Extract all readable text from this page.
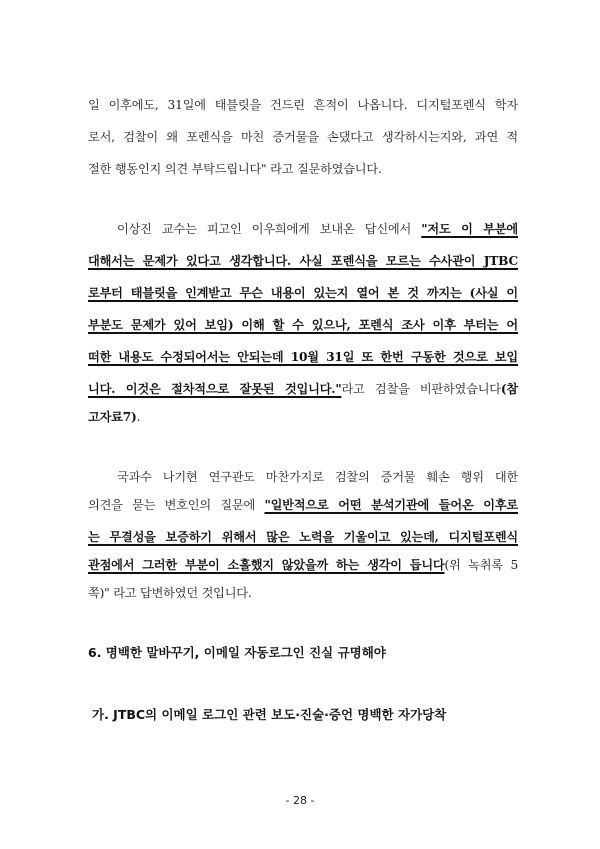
일 이후에도, 31일에 태블릿을 건드린 흔적이 나옵니다. 디지털포렌식 학자
로서, 검찰이 왜 포렌식을 마친 증거물을 손댔다고 생각하시는지와, 과연 적
절한 행동인지 의견 부탁드립니다" 라고 질문하였습니다.
이상진 교수는 피고인 이우희에게 보내온 답신에서 "저도 이 부분에
대해서는 문제가 있다고 생각합니다. 사실 포렌식을 모르는 수사관이 JTBC
로부터 태블릿을 인계받고 무슨 내용이 있는지 열어 본 것 까지는 (사실 이
부분도 문제가 있어 보임) 이해 할 수 있으나, 포렌식 조사 이후 부터는 어
떠한 내용도 수정되어서는 안되는데 10월 31일 또 한번 구동한 것으로 보입
니다. 이것은 절차적으로 잘못된 것입니다."라고 검찰을 비판하였습니다(참
고자료7).
국과수 나기현 연구관도 마찬가지로 검찰의 증거물 훼손 행위 대한
의견을 묻는 변호인의 질문에 "일반적으로 어떤 분석기관에 들어온 이후로
는 무결성을 보증하기 위해서 많은 노력을 기울이고 있는데, 디지털포렌식
관점에서 그러한 부분이 소홀했지 않았을까 하는 생각이 듭니다(위 녹취록 5
쪽)" 라고 답변하였던 것입니다.
6. 명백한 말바꾸기, 이메일 자동로그인 진실 규명해야
가. JTBC의 이메일 로그인 관련 보도·진술·증언 명백한 자가당착
- 28 -
